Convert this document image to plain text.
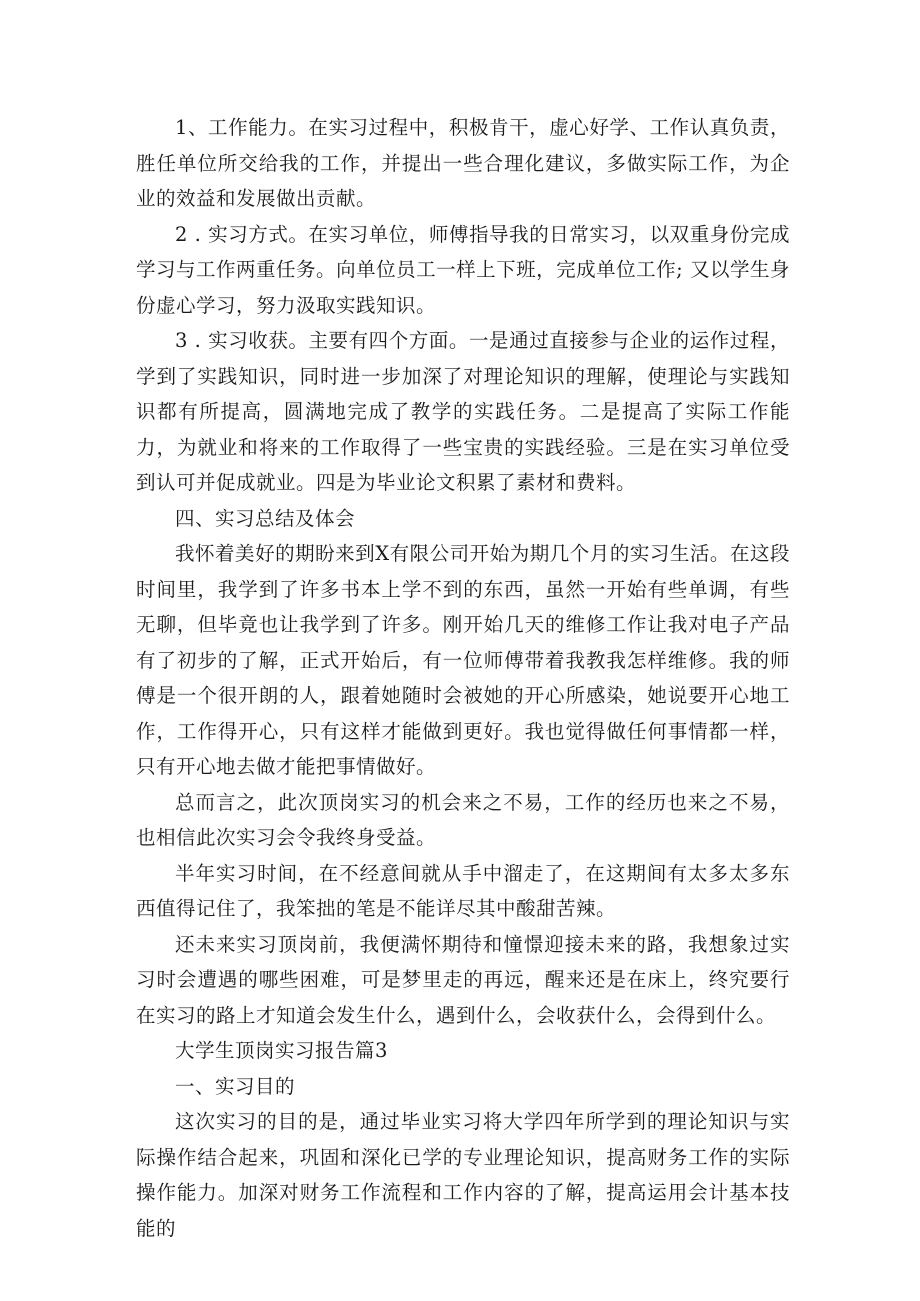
1、工作能力。在实习过程中，积极肯干，虚心好学、工作认真负责，胜任单位所交给我的工作，并提出一些合理化建议，多做实际工作，为企业的效益和发展做出贡献。

2 . 实习方式。在实习单位，师傅指导我的日常实习，以双重身份完成学习与工作两重任务。向单位员工一样上下班，完成单位工作; 又以学生身份虚心学习，努力汲取实践知识。

3 . 实习收获。主要有四个方面。一是通过直接参与企业的运作过程，学到了实践知识，同时进一步加深了对理论知识的理解，使理论与实践知识都有所提高，圆满地完成了教学的实践任务。二是提高了实际工作能力，为就业和将来的工作取得了一些宝贵的实践经验。三是在实习单位受到认可并促成就业。四是为毕业论文积累了素材和费料。

四、实习总结及体会

我怀着美好的期盼来到X有限公司开始为期几个月的实习生活。在这段时间里，我学到了许多书本上学不到的东西，虽然一开始有些单调，有些无聊，但毕竟也让我学到了许多。刚开始几天的维修工作让我对电子产品有了初步的了解，正式开始后，有一位师傅带着我教我怎样维修。我的师傅是一个很开朗的人，跟着她随时会被她的开心所感染，她说要开心地工作，工作得开心，只有这样才能做到更好。我也觉得做任何事情都一样，只有开心地去做才能把事情做好。

总而言之，此次顶岗实习的机会来之不易，工作的经历也来之不易，也相信此次实习会令我终身受益。

半年实习时间，在不经意间就从手中溜走了，在这期间有太多太多东西值得记住了，我笨拙的笔是不能详尽其中酸甜苦辣。

还未来实习顶岗前，我便满怀期待和憧憬迎接未来的路，我想象过实习时会遭遇的哪些困难，可是梦里走的再远，醒来还是在床上，终究要行在实习的路上才知道会发生什么，遇到什么，会收获什么，会得到什么。

大学生顶岗实习报告篇3

一、实习目的

这次实习的目的是，通过毕业实习将大学四年所学到的理论知识与实际操作结合起来，巩固和深化已学的专业理论知识，提高财务工作的实际操作能力。加深对财务工作流程和工作内容的了解，提高运用会计基本技能的
